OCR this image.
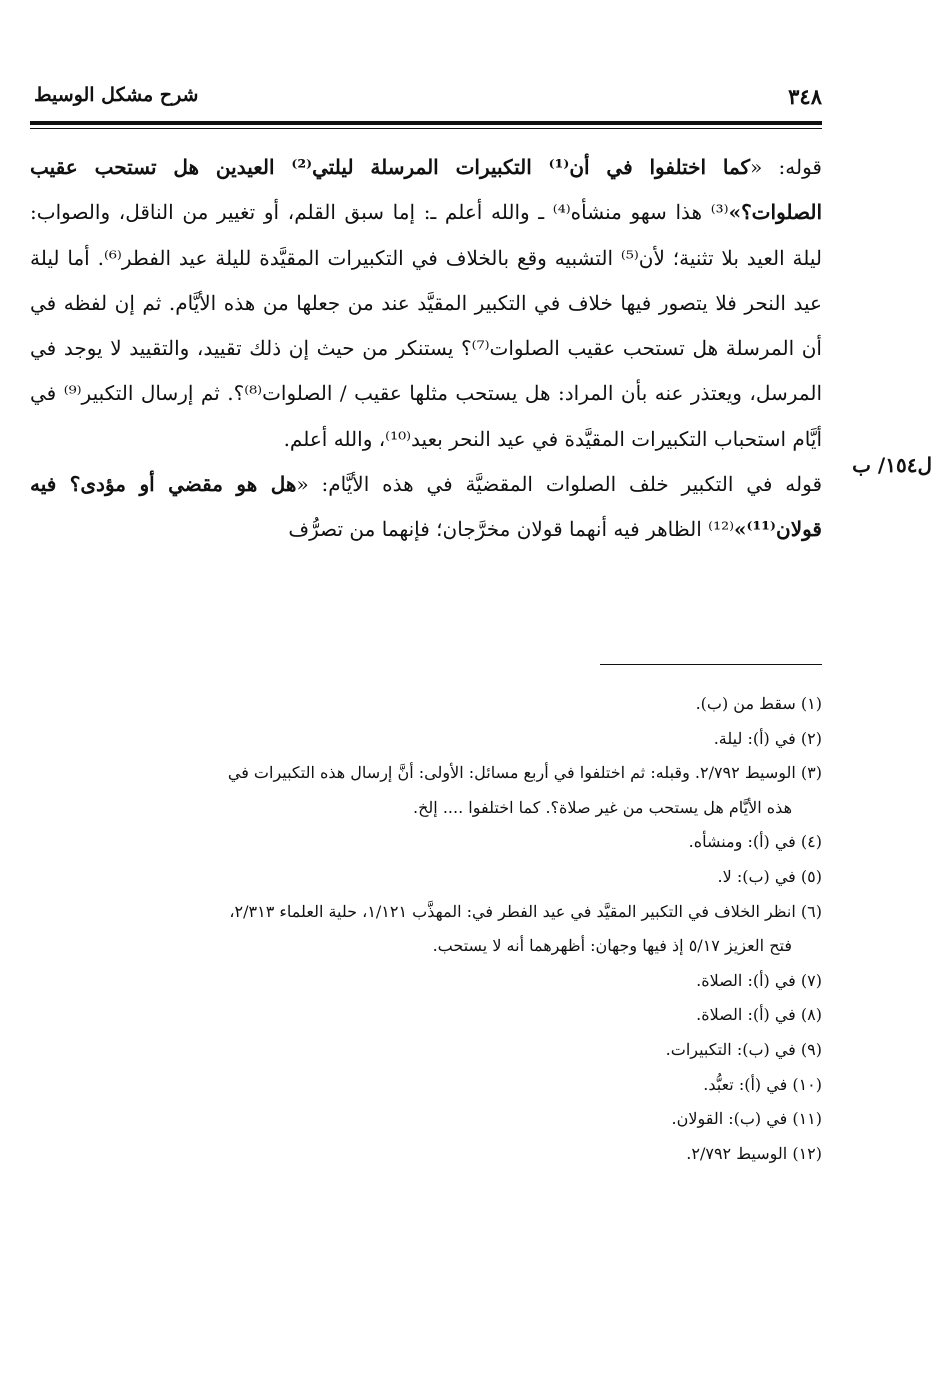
٣٤٨
شرح مشكل الوسيط
ل١٥٤/ ب

قوله: «كما اختلفوا في أن⁽¹⁾ التكبيرات المرسلة ليلتي⁽²⁾ العيدين هل تستحب عقيب الصلوات؟»⁽³⁾ هذا سهو منشأه⁽⁴⁾ ـ والله أعلم ـ: إما سبق القلم، أو تغيير من الناقل، والصواب: ليلة العيد بلا تثنية؛ لأن⁽⁵⁾ التشبيه وقع بالخلاف في التكبيرات المقيَّدة لليلة عيد الفطر⁽⁶⁾. أما ليلة عيد النحر فلا يتصور فيها خلاف في التكبير المقيَّد عند من جعلها من هذه الأيَّام. ثم إن لفظه في أن المرسلة هل تستحب عقيب الصلوات⁽⁷⁾؟ يستنكر من حيث إن ذلك تقييد، والتقييد لا يوجد في المرسل، ويعتذر عنه بأن المراد: هل يستحب مثلها عقيب / الصلوات⁽⁸⁾؟. ثم إرسال التكبير⁽⁹⁾ في أيَّام استحباب التكبيرات المقيَّدة في عيد النحر بعيد⁽¹⁰⁾، والله أعلم.

قوله في التكبير خلف الصلوات المقضيَّة في هذه الأيَّام: «هل هو مقضي أو مؤدى؟ فيه قولان⁽¹¹⁾»⁽¹²⁾ الظاهر فيه أنهما قولان مخرَّجان؛ فإنهما من تصرُّف

(١) سقط من (ب).

(٢) في (أ): ليلة.

(٣) الوسيط ٢/٧٩٢. وقبله: ثم اختلفوا في أربع مسائل: الأولى: أنَّ إرسال هذه التكبيرات في

هذه الأيَّام هل يستحب من غير صلاة؟. كما اختلفوا .... إلخ.

(٤) في (أ): ومنشأه.

(٥) في (ب): لا.

(٦) انظر الخلاف في التكبير المقيَّد في عيد الفطر في: المهذَّب ١/١٢١، حلية العلماء ٢/٣١٣،

فتح العزيز ٥/١٧ إذ فيها وجهان: أظهرهما أنه لا يستحب.

(٧) في (أ): الصلاة.

(٨) في (أ): الصلاة.

(٩) في (ب): التكبيرات.

(١٠) في (أ): تعبُّد.

(١١) في (ب): القولان.

(١٢) الوسيط ٢/٧٩٢.
